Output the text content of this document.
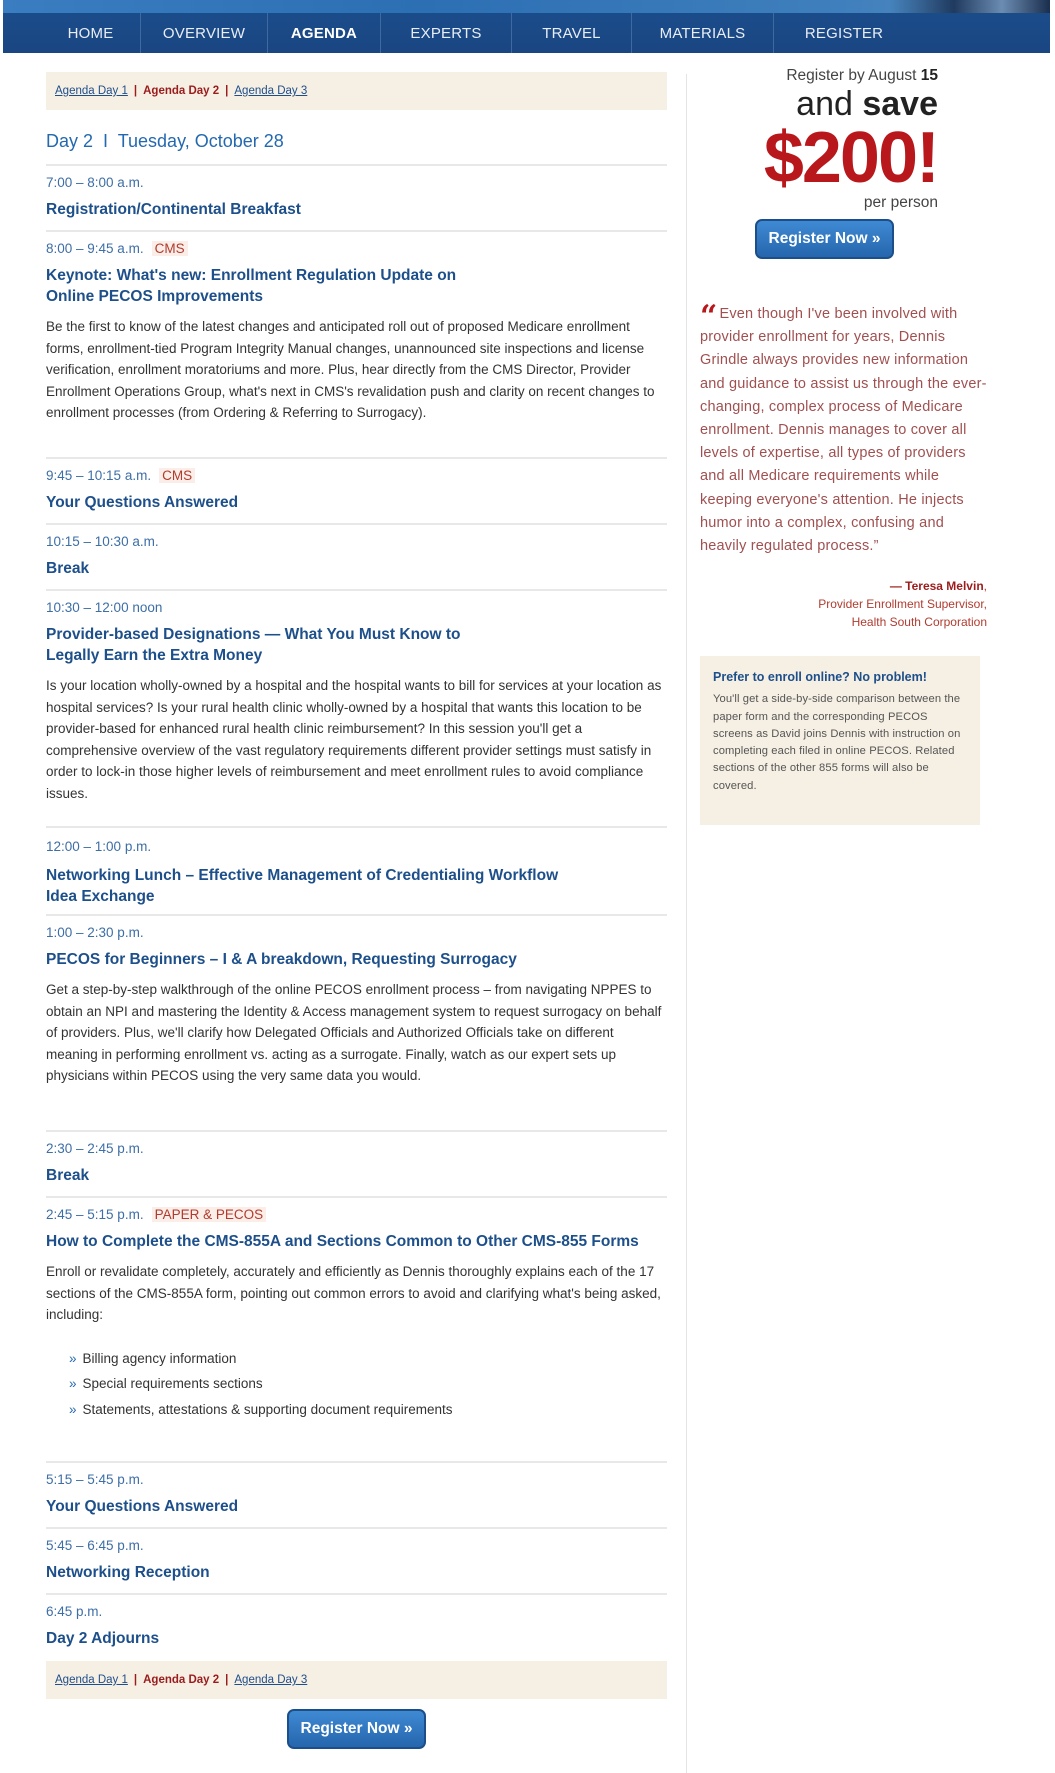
HOME	OVERVIEW	AGENDA	EXPERTS	TRAVEL	MATERIALS	REGISTER
Agenda Day 1 | Agenda Day 2 | Agenda Day 3
Day 2  I  Tuesday, October 28
7:00 – 8:00 a.m.
Registration/Continental Breakfast
8:00 – 9:45 a.m. CMS
Keynote: What's new: Enrollment Regulation Update on Online PECOS Improvements
Be the first to know of the latest changes and anticipated roll out of proposed Medicare enrollment forms, enrollment-tied Program Integrity Manual changes, unannounced site inspections and license verification, enrollment moratoriums and more. Plus, hear directly from the CMS Director, Provider Enrollment Operations Group, what's next in CMS's revalidation push and clarity on recent changes to enrollment processes (from Ordering & Referring to Surrogacy).
9:45 – 10:15 a.m. CMS
Your Questions Answered
10:15 – 10:30 a.m.
Break
10:30 – 12:00 noon
Provider-based Designations — What You Must Know to Legally Earn the Extra Money
Is your location wholly-owned by a hospital and the hospital wants to bill for services at your location as hospital services? Is your rural health clinic wholly-owned by a hospital that wants this location to be provider-based for enhanced rural health clinic reimbursement? In this session you'll get a comprehensive overview of the vast regulatory requirements different provider settings must satisfy in order to lock-in those higher levels of reimbursement and meet enrollment rules to avoid compliance issues.
12:00 – 1:00 p.m.
Networking Lunch – Effective Management of Credentialing Workflow Idea Exchange
1:00 – 2:30 p.m.
PECOS for Beginners – I & A breakdown, Requesting Surrogacy
Get a step-by-step walkthrough of the online PECOS enrollment process – from navigating NPPES to obtain an NPI and mastering the Identity & Access management system to request surrogacy on behalf of providers. Plus, we'll clarify how Delegated Officials and Authorized Officials take on different meaning in performing enrollment vs. acting as a surrogate. Finally, watch as our expert sets up physicians within PECOS using the very same data you would.
2:30 – 2:45 p.m.
Break
2:45 – 5:15 p.m. PAPER & PECOS
How to Complete the CMS-855A and Sections Common to Other CMS-855 Forms
Enroll or revalidate completely, accurately and efficiently as Dennis thoroughly explains each of the 17 sections of the CMS-855A form, pointing out common errors to avoid and clarifying what's being asked, including:
» Billing agency information
» Special requirements sections
» Statements, attestations & supporting document requirements
5:15 – 5:45 p.m.
Your Questions Answered
5:45 – 6:45 p.m.
Networking Reception
6:45 p.m.
Day 2 Adjourns
Agenda Day 1 | Agenda Day 2 | Agenda Day 3
Register Now »
Register by August 15
and save
$200!
per person
Register Now »
“ Even though I've been involved with provider enrollment for years, Dennis Grindle always provides new information and guidance to assist us through the ever-changing, complex process of Medicare enrollment. Dennis manages to cover all levels of expertise, all types of providers and all Medicare requirements while keeping everyone's attention. He injects humor into a complex, confusing and heavily regulated process.”
— Teresa Melvin,
Provider Enrollment Supervisor,
Health South Corporation
Prefer to enroll online? No problem!
You'll get a side-by-side comparison between the paper form and the corresponding PECOS screens as David joins Dennis with instruction on completing each filed in online PECOS. Related sections of the other 855 forms will also be covered.
